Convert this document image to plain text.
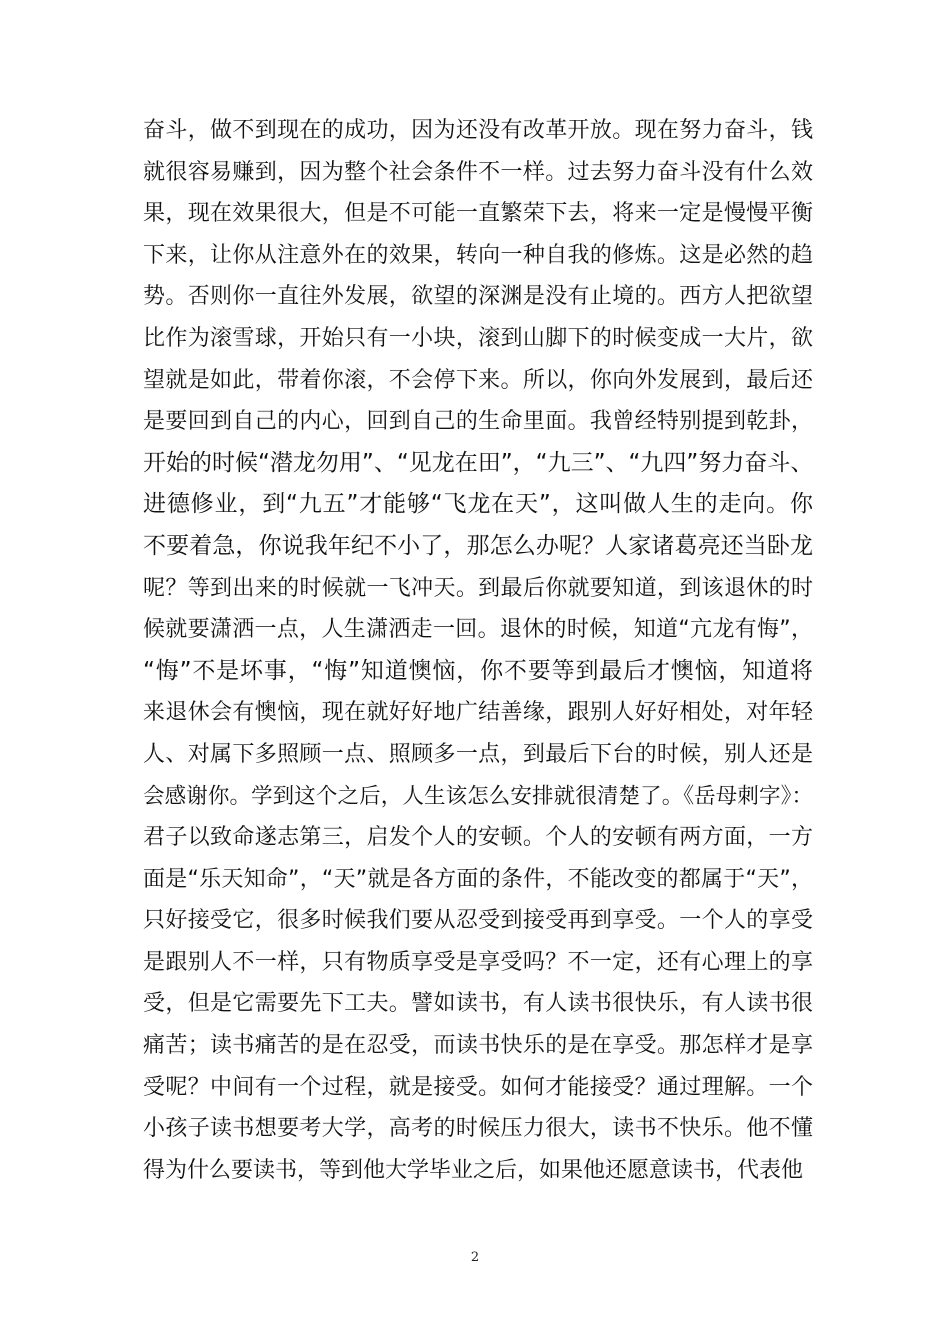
奋斗，做不到现在的成功，因为还没有改革开放。现在努力奋斗，钱
就很容易赚到，因为整个社会条件不一样。过去努力奋斗没有什么效
果，现在效果很大，但是不可能一直繁荣下去，将来一定是慢慢平衡
下来，让你从注意外在的效果，转向一种自我的修炼。这是必然的趋
势。否则你一直往外发展，欲望的深渊是没有止境的。西方人把欲望
比作为滚雪球，开始只有一小块，滚到山脚下的时候变成一大片，欲
望就是如此，带着你滚，不会停下来。所以，你向外发展到，最后还
是要回到自己的内心，回到自己的生命里面。我曾经特别提到乾卦，
开始的时候“潜龙勿用”、“见龙在田”，“九三”、“九四”努力奋斗、
进德修业，到“九五”才能够“飞龙在天”，这叫做人生的走向。你
不要着急，你说我年纪不小了，那怎么办呢？人家诸葛亮还当卧龙
呢？等到出来的时候就一飞冲天。到最后你就要知道，到该退休的时
候就要潇洒一点，人生潇洒走一回。退休的时候，知道“亢龙有悔”，
“悔”不是坏事，“悔”知道懊恼，你不要等到最后才懊恼，知道将
来退休会有懊恼，现在就好好地广结善缘，跟别人好好相处，对年轻
人、对属下多照顾一点、照顾多一点，到最后下台的时候，别人还是
会感谢你。学到这个之后，人生该怎么安排就很清楚了。《岳母刺字》：
君子以致命遂志第三，启发个人的安顿。个人的安顿有两方面，一方
面是“乐天知命”，“天”就是各方面的条件，不能改变的都属于“天”，
只好接受它，很多时候我们要从忍受到接受再到享受。一个人的享受
是跟别人不一样，只有物质享受是享受吗？不一定，还有心理上的享
受，但是它需要先下工夫。譬如读书，有人读书很快乐，有人读书很
痛苦；读书痛苦的是在忍受，而读书快乐的是在享受。那怎样才是享
受呢？中间有一个过程，就是接受。如何才能接受？通过理解。一个
小孩子读书想要考大学，高考的时候压力很大，读书不快乐。他不懂
得为什么要读书，等到他大学毕业之后，如果他还愿意读书，代表他
2
